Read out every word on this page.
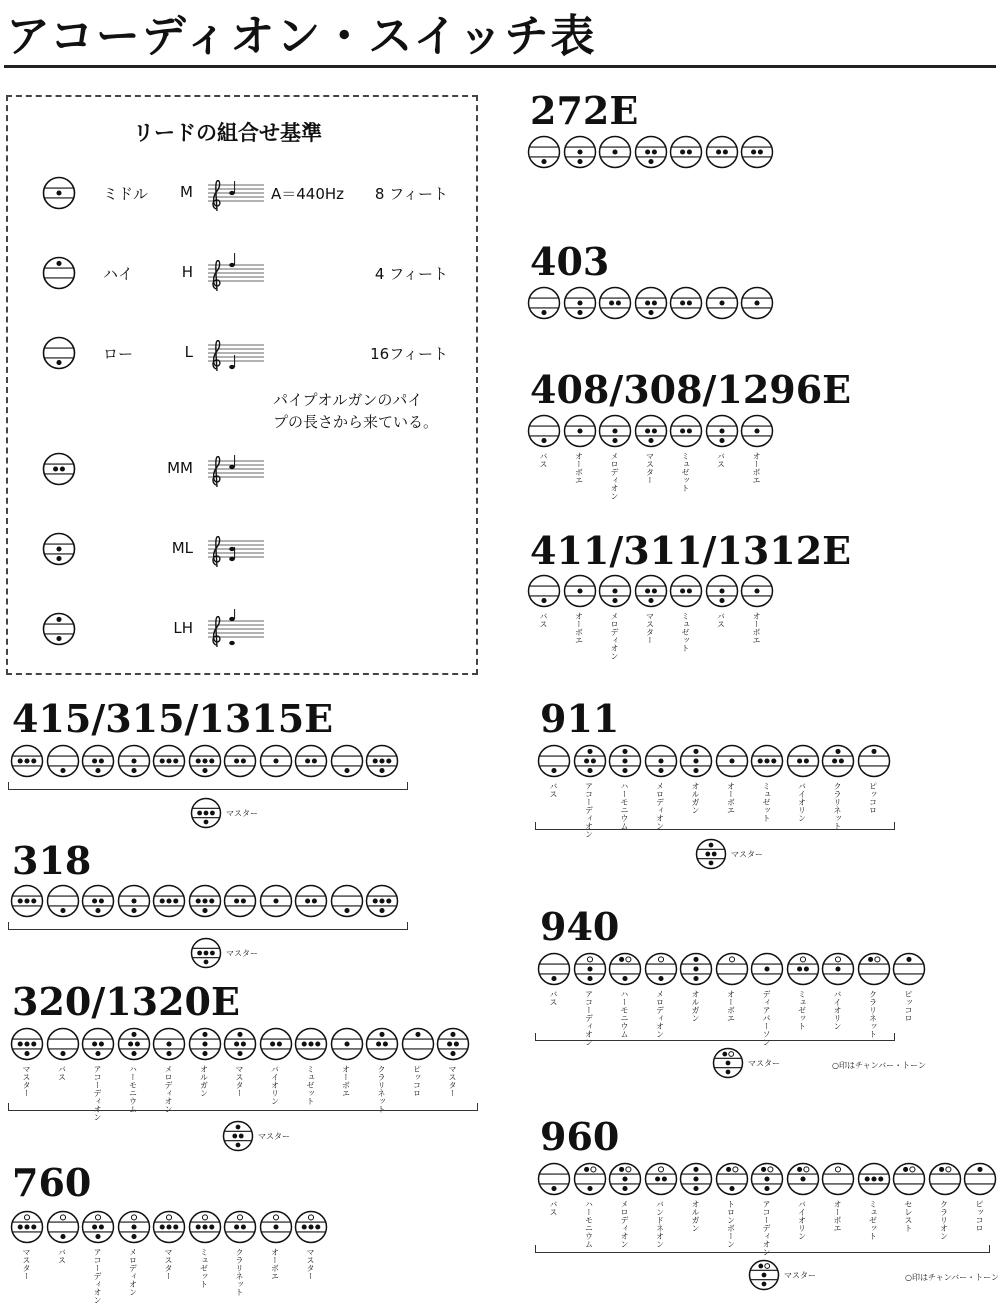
アコーディオン・スイッチ表
リードの組合せ基準
ミドル	M	A＝440Hz 8 フィート
ハイ	H	4 フィート
ロー	L	16フィート
MM
ML
LH
パイプオルガンのパイ
プの長さから来ている。
272E
403
408/308/1296E
バス	オーボエ	メロディオン	マスター	ミュゼット	バス	オーボエ
411/311/1312E
バス	オーボエ	メロディオン	マスター	ミュゼット	バス	オーボエ
415/315/1315E
マスター
318
マスター
320/1320E
マスター	バス	アコーディオン	ハーモニウム	メロディオン	オルガン	マスター	バイオリン	ミュゼット	オーボエ	クラリネット	ピッコロ	マスター
マスター
760
マスター	バス	アコーディオン	メロディオン	マスター	ミュゼット	クラリネット	オーボエ	マスター
911
バス	アコーディオン	ハーモニウム	メロディオン	オルガン	オーボエ	ミュゼット	バイオリン	クラリネット	ピッコロ
マスター
940
バス	アコーディオン	ハーモニウム	メロディオン	オルガン	オーボエ	ディアパーソン	ミュゼット	バイオリン	クラリネット	ピッコロ
マスター	○印はチャンバー・トーン
960
バス	ハーモニウム	メロディオン	バンドネオン	オルガン	トロンボーン	アコーディオン	バイオリン	オーボエ	ミュゼット	セレスト	クラリオン	ピッコロ
マスター	○印はチャンバー・トーン
